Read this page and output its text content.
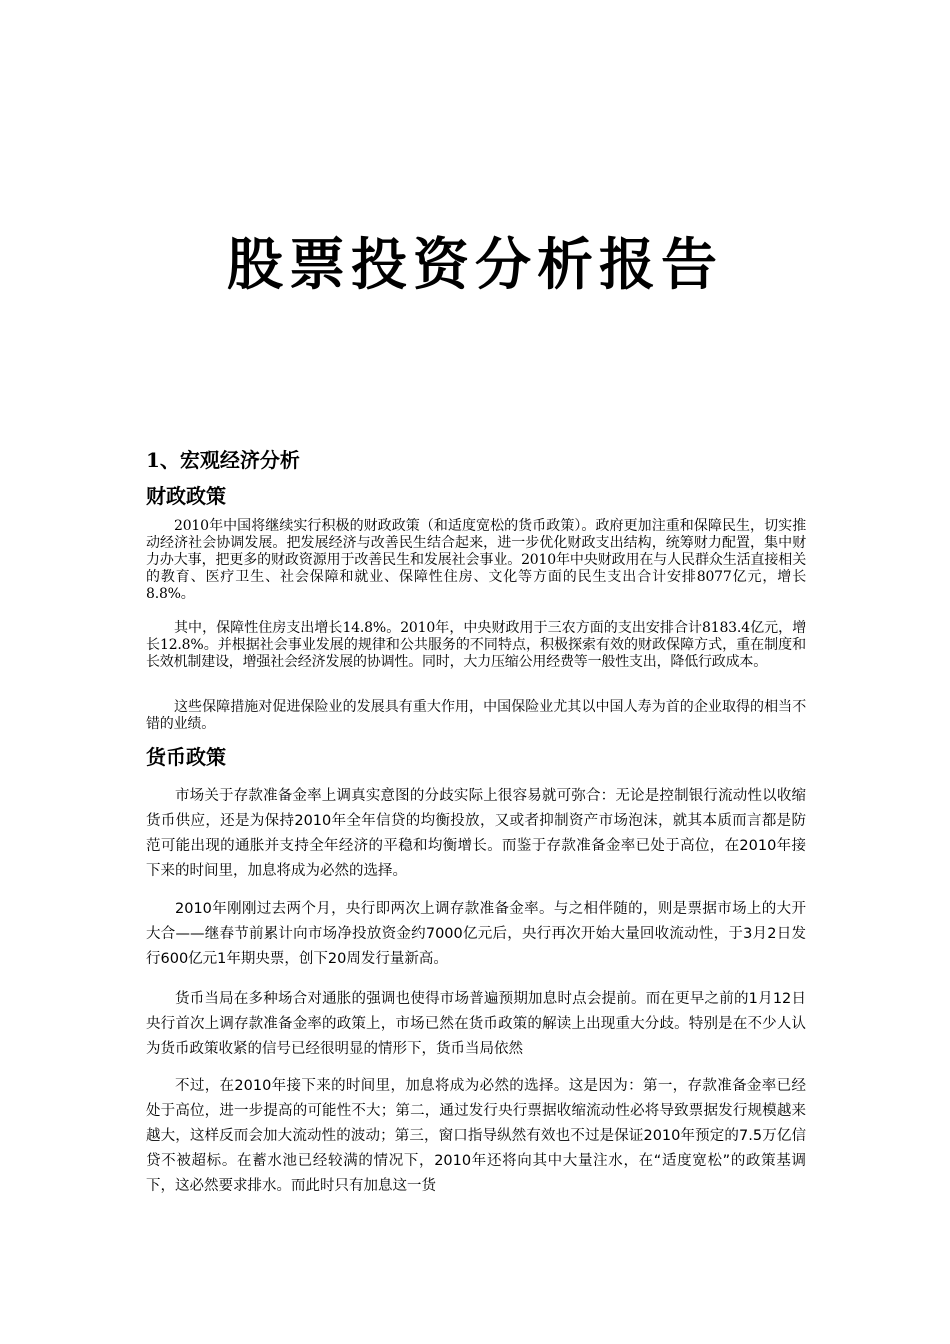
股票投资分析报告
1、宏观经济分析
财政政策

2010年中国将继续实行积极的财政政策（和适度宽松的货币政策）。政府更加注重和保障民生，切实推动经济社会协调发展。把发展经济与改善民生结合起来，进一步优化财政支出结构，统筹财力配置，集中财力办大事，把更多的财政资源用于改善民生和发展社会事业。2010年中央财政用在与人民群众生活直接相关的教育、医疗卫生、社会保障和就业、保障性住房、文化等方面的民生支出合计安排8077亿元，增长8.8%。

其中，保障性住房支出增长14.8%。2010年，中央财政用于三农方面的支出安排合计8183.4亿元，增长12.8%。并根据社会事业发展的规律和公共服务的不同特点，积极探索有效的财政保障方式，重在制度和长效机制建设，增强社会经济发展的协调性。同时，大力压缩公用经费等一般性支出，降低行政成本。

这些保障措施对促进保险业的发展具有重大作用，中国保险业尤其以中国人寿为首的企业取得的相当不错的业绩。

货币政策

市场关于存款准备金率上调真实意图的分歧实际上很容易就可弥合：无论是控制银行流动性以收缩货币供应，还是为保持2010年全年信贷的均衡投放，又或者抑制资产市场泡沫，就其本质而言都是防范可能出现的通胀并支持全年经济的平稳和均衡增长。而鉴于存款准备金率已处于高位，在2010年接下来的时间里，加息将成为必然的选择。

2010年刚刚过去两个月，央行即两次上调存款准备金率。与之相伴随的，则是票据市场上的大开大合——继春节前累计向市场净投放资金约7000亿元后，央行再次开始大量回收流动性，于3月2日发行600亿元1年期央票，创下20周发行量新高。

货币当局在多种场合对通胀的强调也使得市场普遍预期加息时点会提前。而在更早之前的1月12日央行首次上调存款准备金率的政策上，市场已然在货币政策的解读上出现重大分歧。特别是在不少人认为货币政策收紧的信号已经很明显的情形下，货币当局依然

不过，在2010年接下来的时间里，加息将成为必然的选择。这是因为：第一，存款准备金率已经处于高位，进一步提高的可能性不大；第二，通过发行央行票据收缩流动性必将导致票据发行规模越来越大，这样反而会加大流动性的波动；第三，窗口指导纵然有效也不过是保证2010年预定的7.5万亿信贷不被超标。在蓄水池已经较满的情况下，2010年还将向其中大量注水，在“适度宽松”的政策基调下，这必然要求排水。而此时只有加息这一货
